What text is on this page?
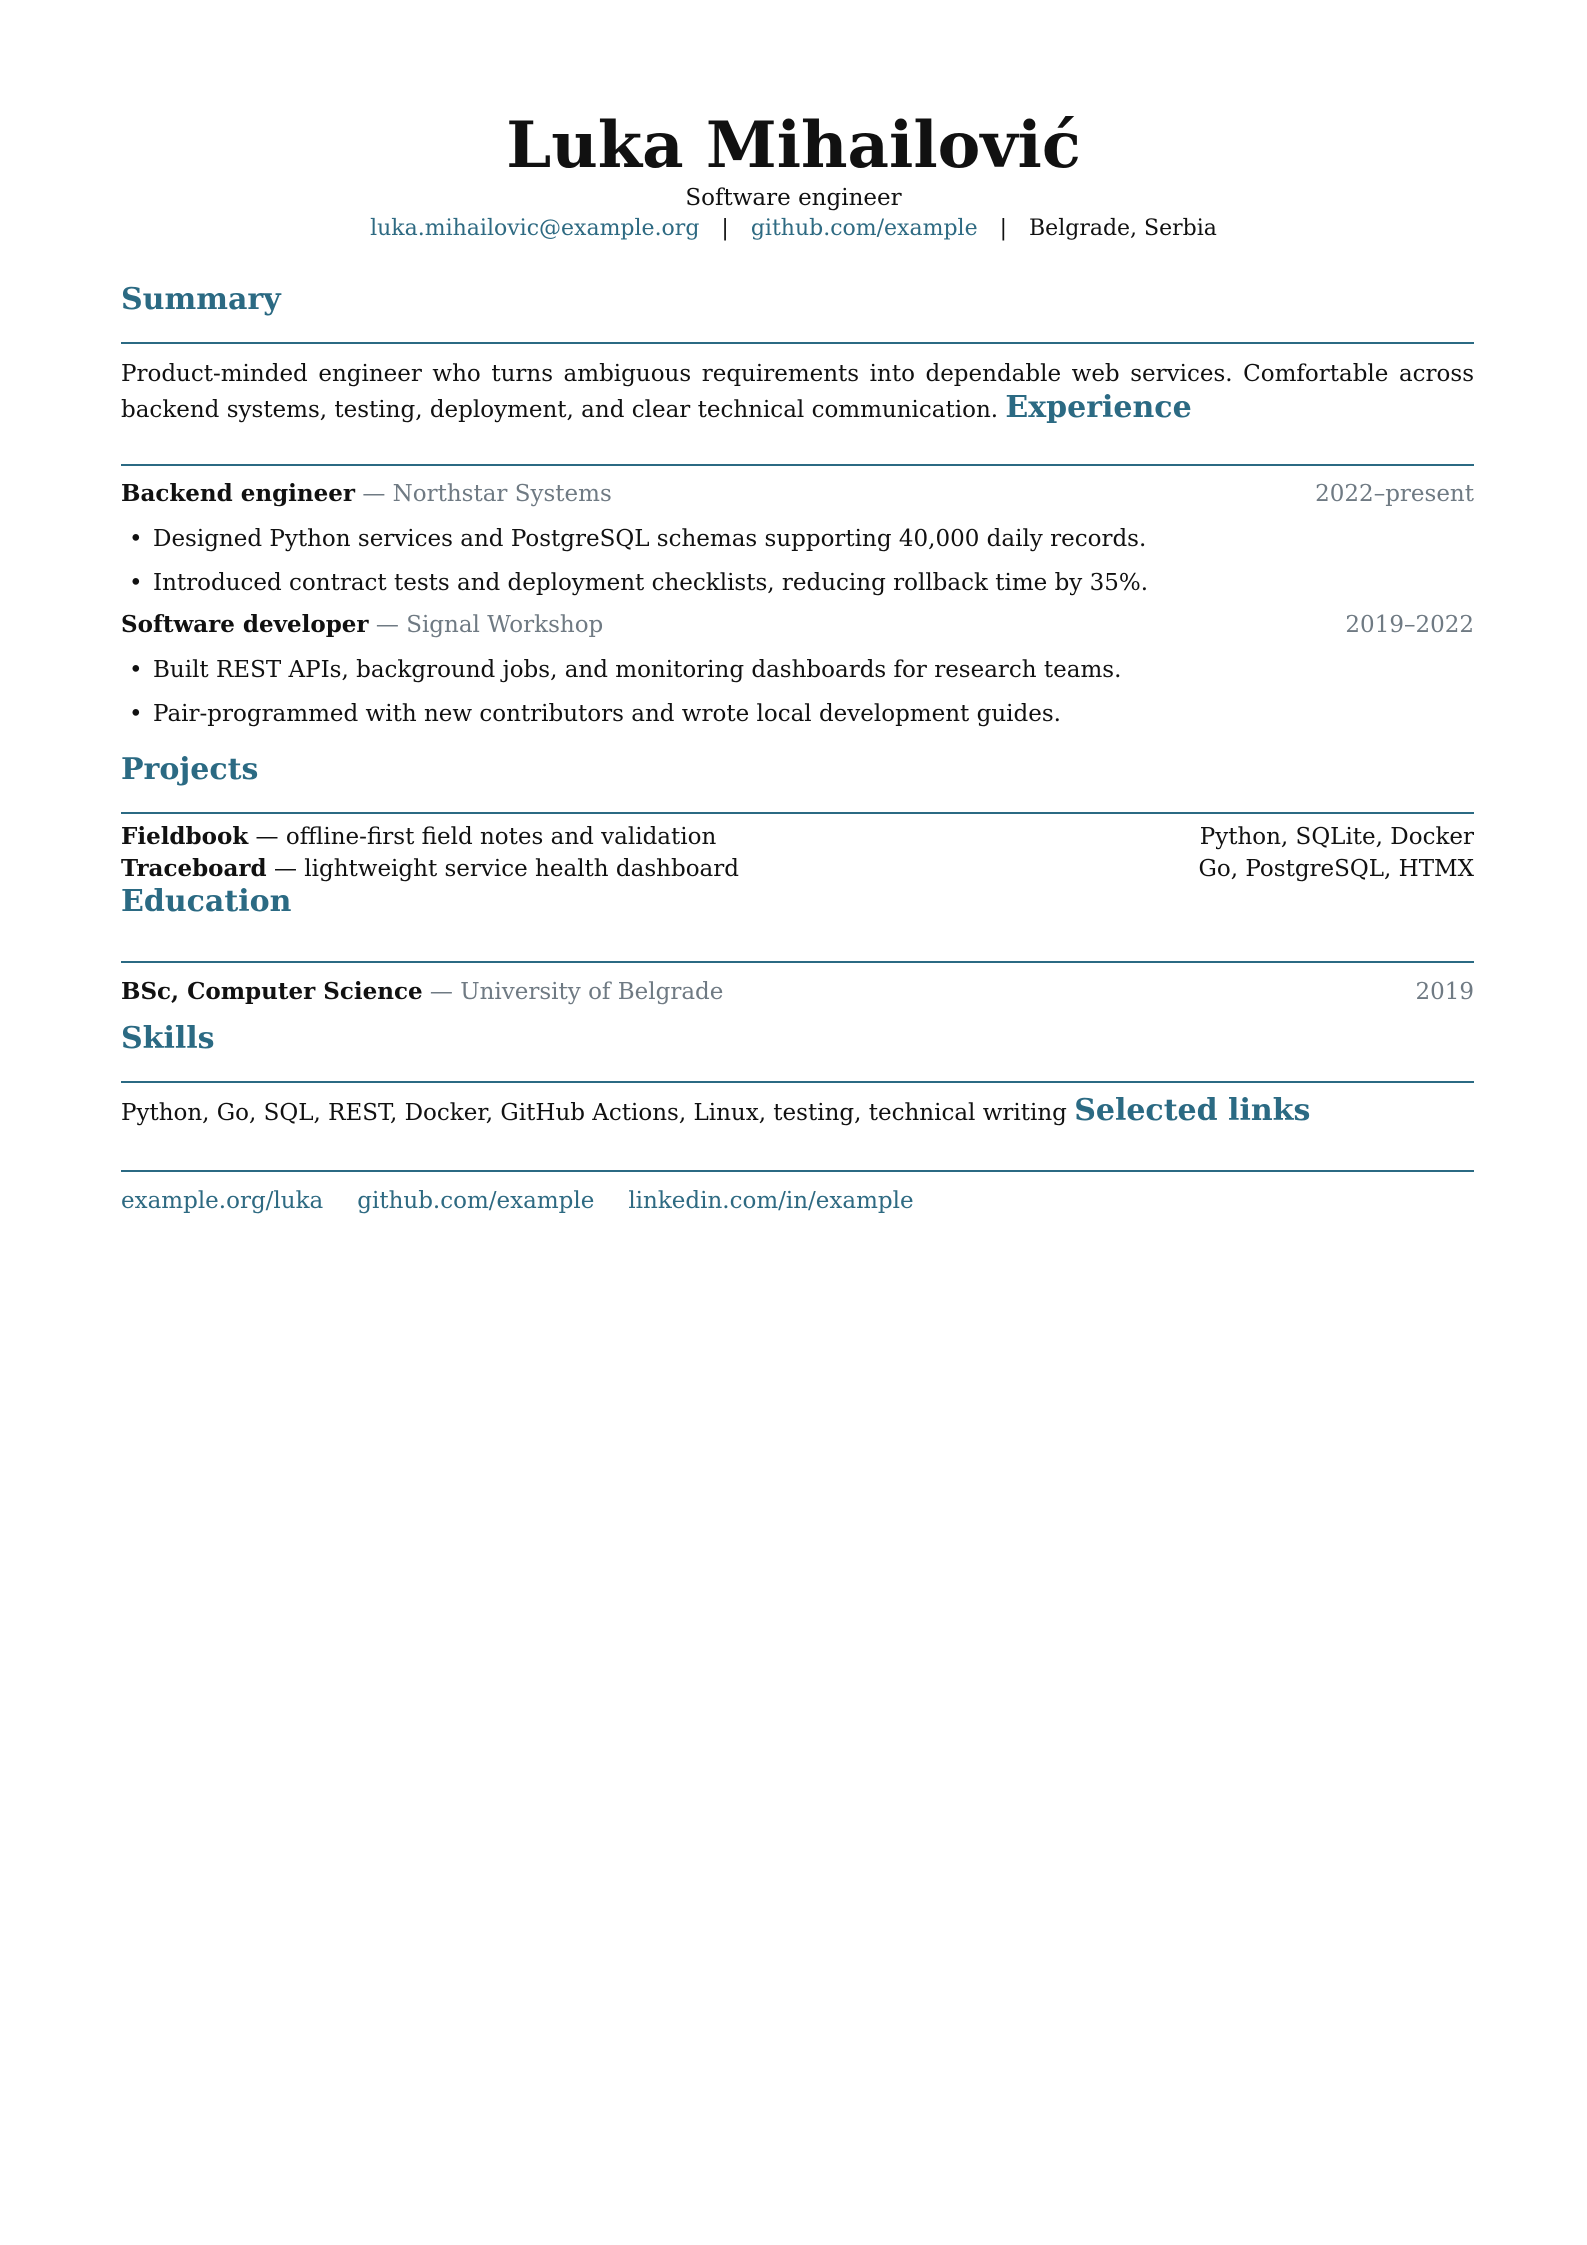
Luka Mihailović
Software engineer
luka.mihailovic@example.org | github.com/example | Belgrade, Serbia
Summary
Product-minded engineer who turns ambiguous requirements into dependable web services. Comfortable across backend systems, testing, deployment, and clear technical communication. Experience
Backend engineer — Northstar Systems	2022–present
• Designed Python services and PostgreSQL schemas supporting 40,000 daily records.
• Introduced contract tests and deployment checklists, reducing rollback time by 35%.
Software developer — Signal Workshop	2019–2022
• Built REST APIs, background jobs, and monitoring dashboards for research teams.
• Pair-programmed with new contributors and wrote local development guides.
Projects
Fieldbook — offline-first field notes and validation	Python, SQLite, Docker
Traceboard — lightweight service health dashboard	Go, PostgreSQL, HTMX
Education
BSc, Computer Science — University of Belgrade	2019
Skills
Python, Go, SQL, REST, Docker, GitHub Actions, Linux, testing, technical writing Selected links
example.org/luka github.com/example linkedin.com/in/example
